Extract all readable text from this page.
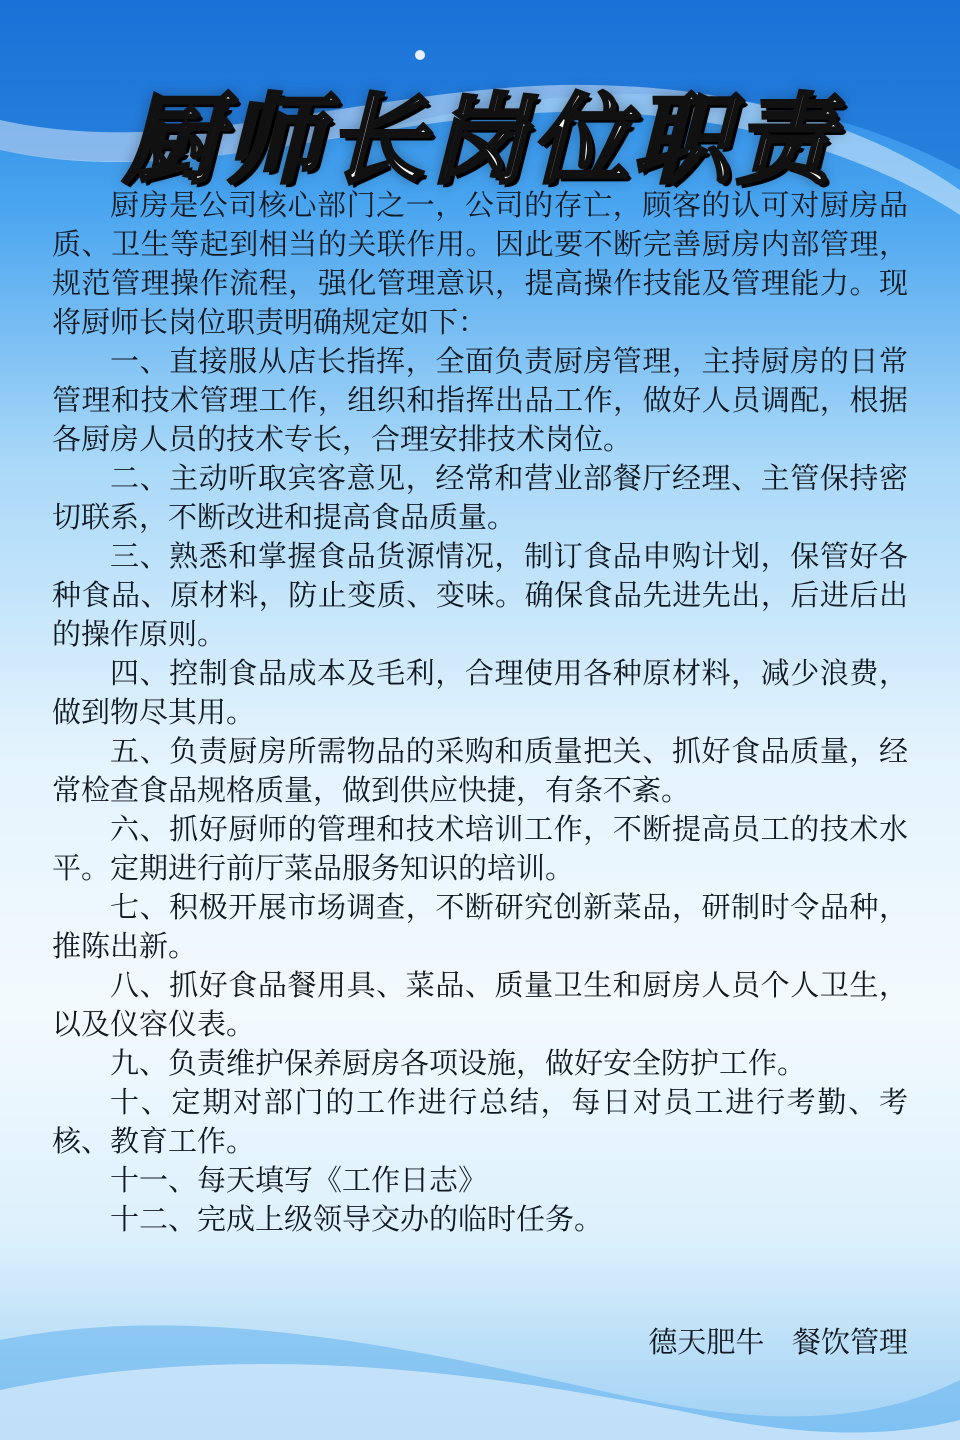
厨师长岗位职责

厨房是公司核心部门之一，公司的存亡，顾客的认可对厨房品质、卫生等起到相当的关联作用。因此要不断完善厨房内部管理，规范管理操作流程，强化管理意识，提高操作技能及管理能力。现将厨师长岗位职责明确规定如下：

一、直接服从店长指挥，全面负责厨房管理，主持厨房的日常管理和技术管理工作，组织和指挥出品工作，做好人员调配，根据各厨房人员的技术专长，合理安排技术岗位。

二、主动听取宾客意见，经常和营业部餐厅经理、主管保持密切联系，不断改进和提高食品质量。

三、熟悉和掌握食品货源情况，制订食品申购计划，保管好各种食品、原材料，防止变质、变味。确保食品先进先出，后进后出的操作原则。

四、控制食品成本及毛利，合理使用各种原材料，减少浪费，做到物尽其用。

五、负责厨房所需物品的采购和质量把关、抓好食品质量，经常检查食品规格质量，做到供应快捷，有条不紊。

六、抓好厨师的管理和技术培训工作，不断提高员工的技术水平。定期进行前厅菜品服务知识的培训。

七、积极开展市场调查，不断研究创新菜品，研制时令品种，推陈出新。

八、抓好食品餐用具、菜品、质量卫生和厨房人员个人卫生，以及仪容仪表。

九、负责维护保养厨房各项设施，做好安全防护工作。

十、定期对部门的工作进行总结，每日对员工进行考勤、考核、教育工作。

十一、每天填写《工作日志》

十二、完成上级领导交办的临时任务。

德天肥牛   餐饮管理
